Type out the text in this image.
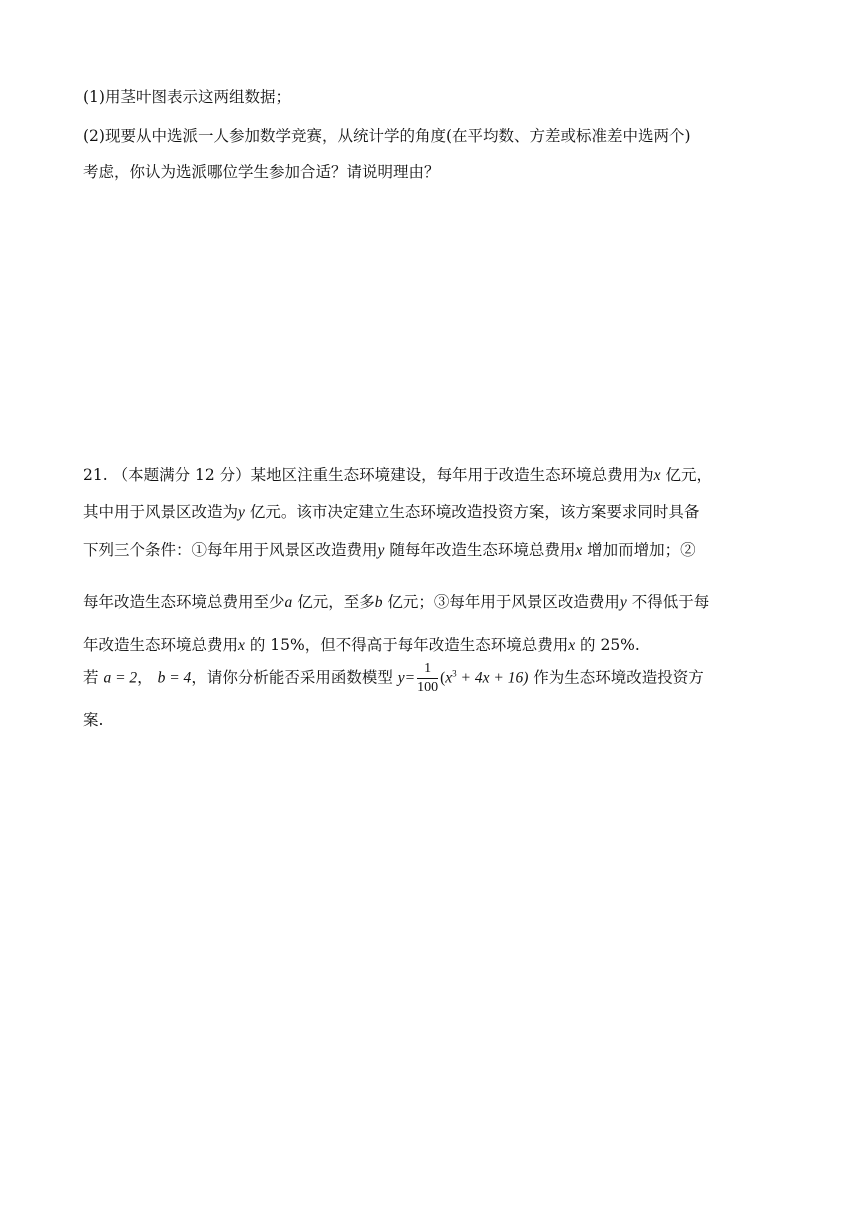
(1)用茎叶图表示这两组数据；
(2)现要从中选派一人参加数学竞赛，从统计学的角度(在平均数、方差或标准差中选两个)
考虑，你认为选派哪位学生参加合适？请说明理由？
21. （本题满分 12 分）某地区注重生态环境建设，每年用于改造生态环境总费用为x 亿元，
其中用于风景区改造为y 亿元。该市决定建立生态环境改造投资方案，该方案要求同时具备
下列三个条件：①每年用于风景区改造费用y 随每年改造生态环境总费用x 增加而增加；②
每年改造生态环境总费用至少a 亿元，至多b 亿元；③每年用于风景区改造费用y 不得低于每
年改造生态环境总费用x 的 15%，但不得高于每年改造生态环境总费用x 的 25%.
若 a = 2， b = 4，请你分析能否采用函数模型 $y= \frac{1}{100} (x^3 + 4x + 16)$ 作为生态环境改造投资方
案.
